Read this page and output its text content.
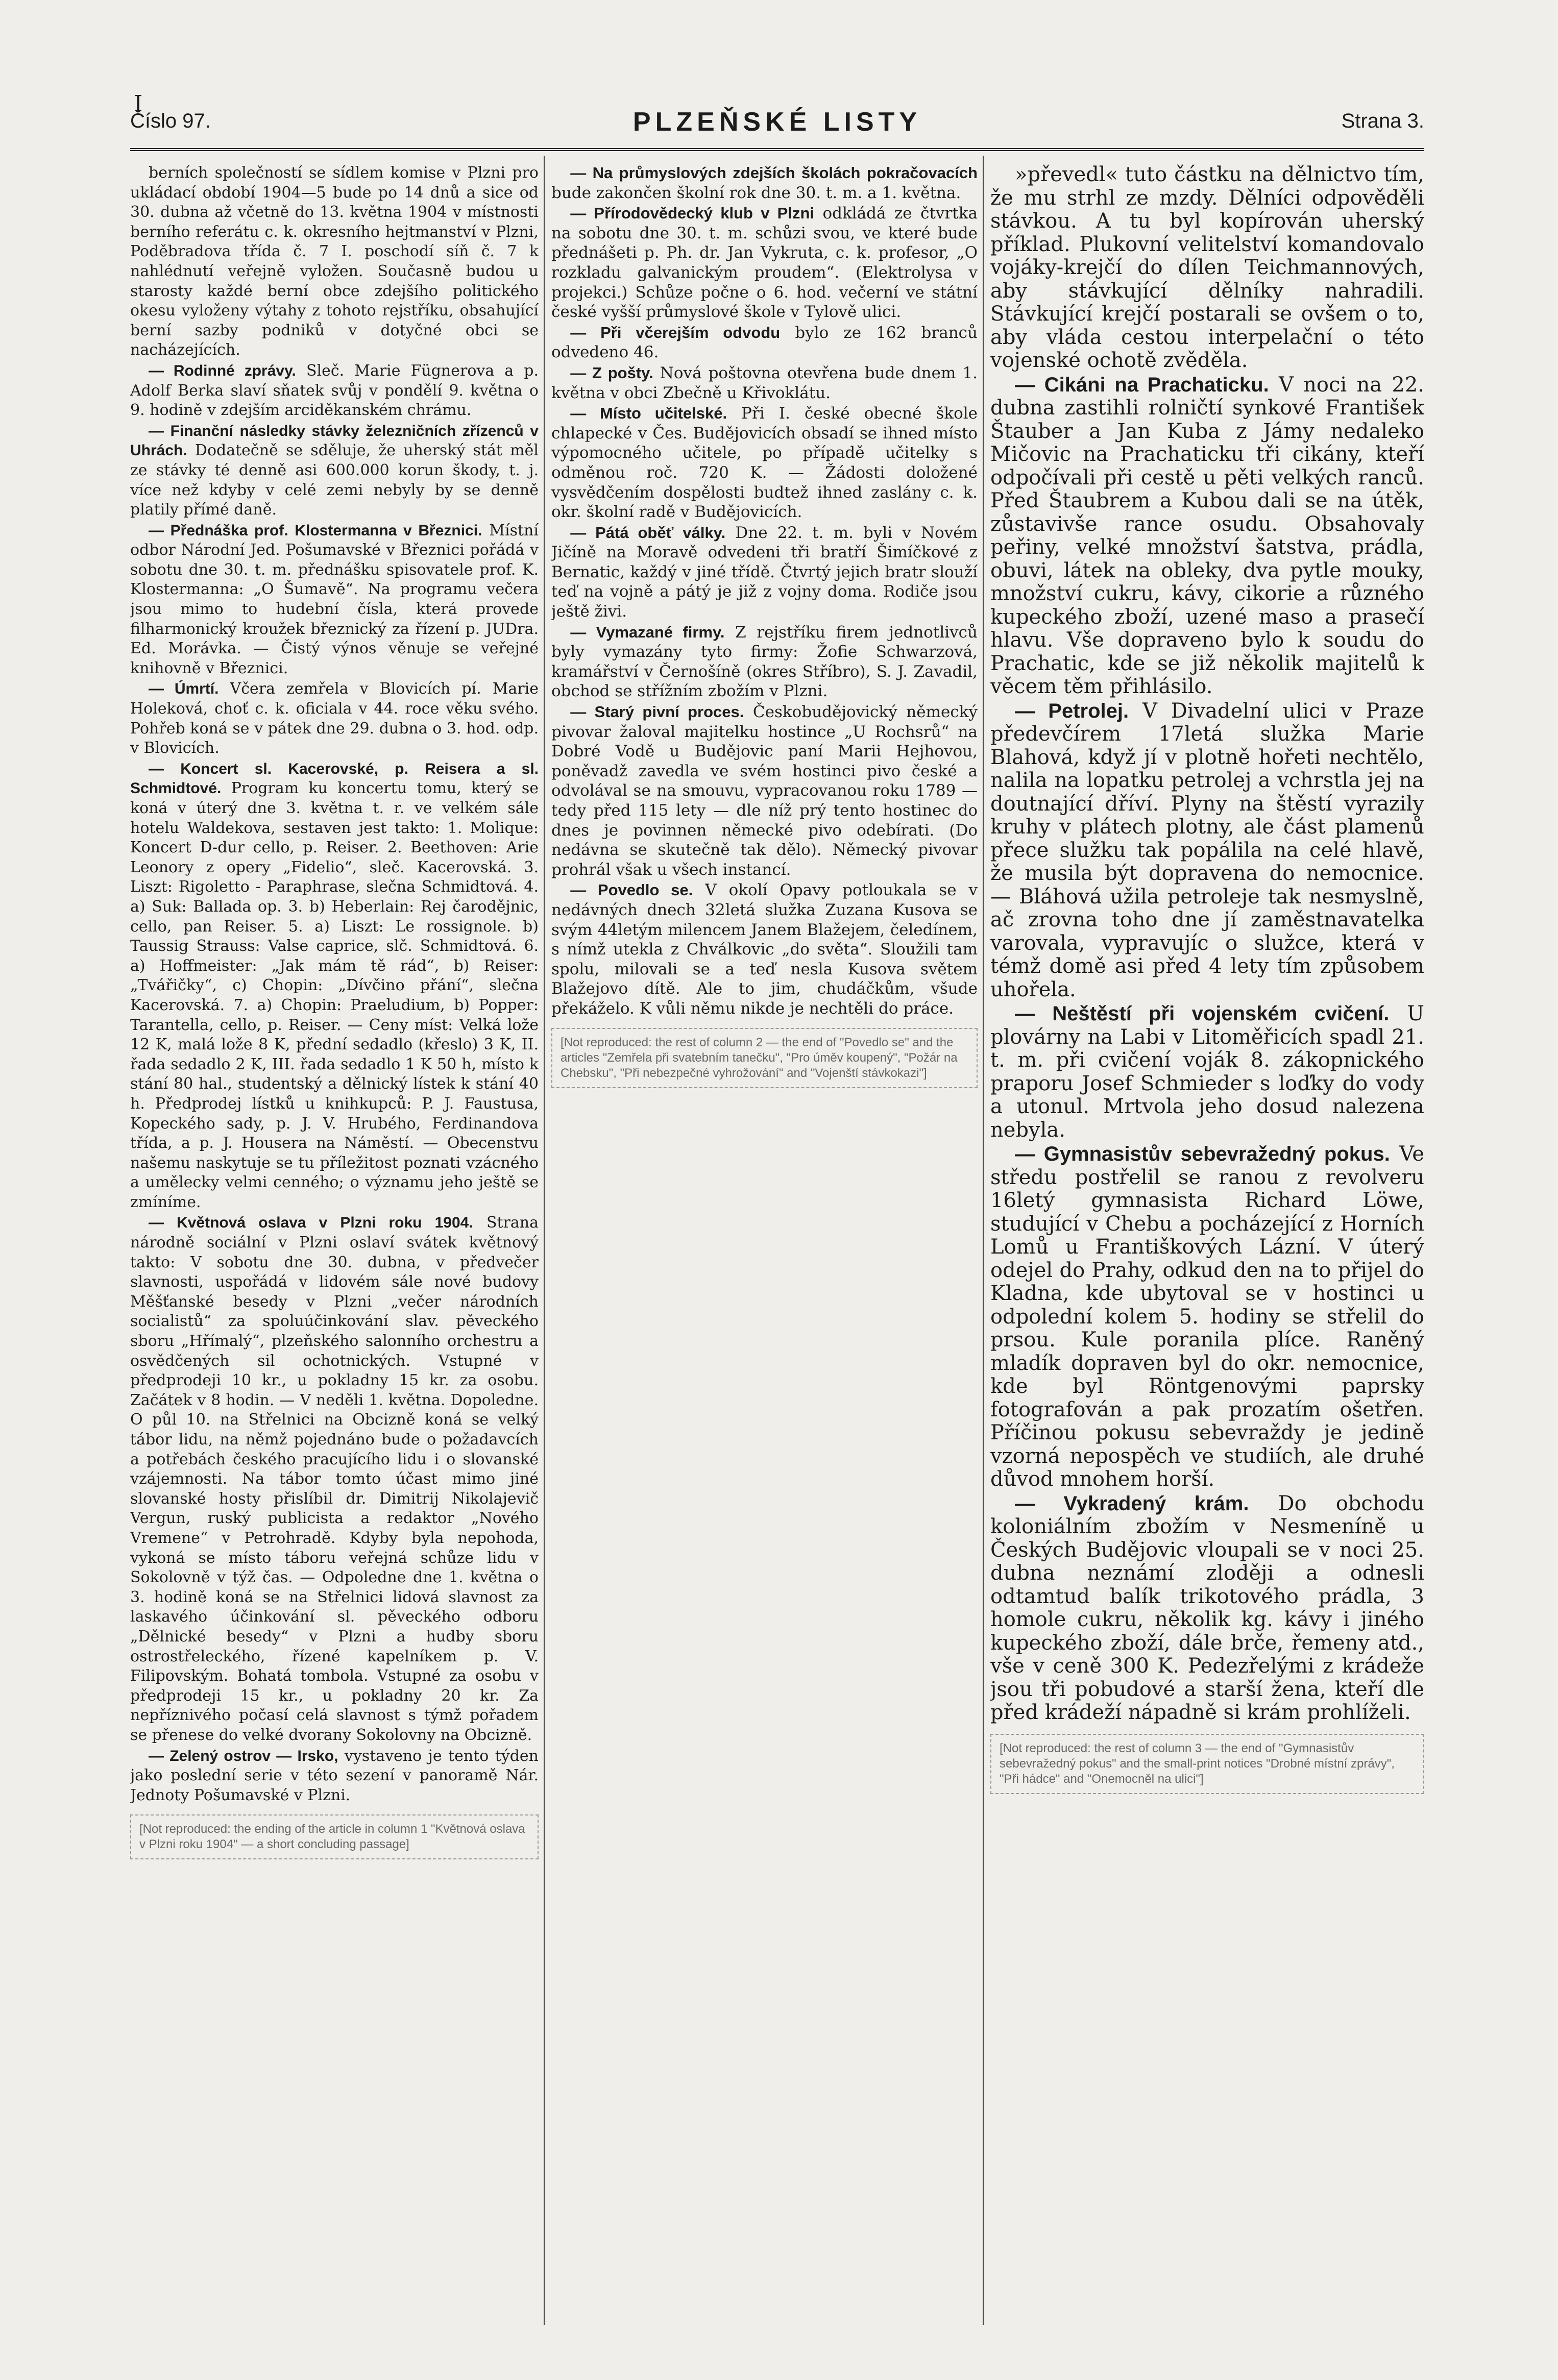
I
Číslo 97.	PLZEŇSKÉ LISTY	Strana 3.

berních společností se sídlem komise v Plzni pro ukládací období 1904—5 bude po 14 dnů a sice od 30. dubna až včetně do 13. května 1904 v místnosti berního referátu c. k. okresního hejtmanství v Plzni, Poděbradova třída č. 7 I. poschodí síň č. 7 k nahlédnutí veřejně vyložen. Současně budou u starosty každé berní obce zdejšího politického okesu vyloženy výtahy z tohoto rejstříku, obsahující berní sazby podniků v dotyčné obci se nacházejících.

— Rodinné zprávy. Sleč. Marie Fügnerova a p. Adolf Berka slaví sňatek svůj v pondělí 9. května o 9. hodině v zdejším arciděkanském chrámu.

— Finanční následky stávky železničních zřízenců v Uhrách. Dodatečně se sděluje, že uherský stát měl ze stávky té denně asi 600.000 korun škody, t. j. více než kdyby v celé zemi nebyly by se denně platily přímé daně.

— Přednáška prof. Klostermanna v Březnici. Místní odbor Národní Jed. Pošumavské v Březnici pořádá v sobotu dne 30. t. m. přednášku spisovatele prof. K. Klostermanna: „O Šumavě“. Na programu večera jsou mimo to hudební čísla, která provede filharmonický kroužek březnický za řízení p. JUDra. Ed. Morávka. — Čistý výnos věnuje se veřejné knihovně v Březnici.

— Úmrtí. Včera zemřela v Blovicích pí. Marie Holeková, choť c. k. oficiala v 44. roce věku svého. Pohřeb koná se v pátek dne 29. dubna o 3. hod. odp. v Blovicích.

— Koncert sl. Kacerovské, p. Reisera a sl. Schmidtové. Program ku koncertu tomu, který se koná v úterý dne 3. května t. r. ve velkém sále hotelu Waldekova, sestaven jest takto: 1. Molique: Koncert D-dur cello, p. Reiser. 2. Beethoven: Arie Leonory z opery „Fidelio“, sleč. Kacerovská. 3. Liszt: Rigoletto - Paraphrase, slečna Schmidtová. 4. a) Suk: Ballada op. 3. b) Heberlain: Rej čarodějnic, cello, pan Reiser. 5. a) Liszt: Le rossignole. b) Taussig Strauss: Valse caprice, slč. Schmidtová. 6. a) Hoffmeister: „Jak mám tě rád“, b) Reiser: „Tvářičky“, c) Chopin: „Dívčino přání“, slečna Kacerovská. 7. a) Chopin: Praeludium, b) Popper: Tarantella, cello, p. Reiser. — Ceny míst: Velká lože 12 K, malá lože 8 K, přední sedadlo (křeslo) 3 K, II. řada sedadlo 2 K, III. řada sedadlo 1 K 50 h, místo k stání 80 hal., studentský a dělnický lístek k stání 40 h. Předprodej lístků u knihkupců: P. J. Faustusa, Kopeckého sady, p. J. V. Hrubého, Ferdinandova třída, a p. J. Housera na Náměstí. — Obecenstvu našemu naskytuje se tu příležitost poznati vzácného a umělecky velmi cenného; o významu jeho ještě se zmíníme.

— Květnová oslava v Plzni roku 1904. Strana národně sociální v Plzni oslaví svátek květnový takto: V sobotu dne 30. dubna, v předvečer slavnosti, uspořádá v lidovém sále nové budovy Měšťanské besedy v Plzni „večer národních socialistů“ za spoluúčinkování slav. pěveckého sboru „Hřímalý“, plzeňského salonního orchestru a osvědčených sil ochotnických. Vstupné v předprodeji 10 kr., u pokladny 15 kr. za osobu. Začátek v 8 hodin. — V neděli 1. května. Dopoledne. O půl 10. na Střelnici na Obcizně koná se velký tábor lidu, na němž pojednáno bude o požadavcích a potřebách českého pracujícího lidu i o slovanské vzájemnosti. Na tábor tomto účast mimo jiné slovanské hosty přislíbil dr. Dimitrij Nikolajevič Vergun, ruský publicista a redaktor „Nového Vremene“ v Petrohradě. Kdyby byla nepohoda, vykoná se místo táboru veřejná schůze lidu v Sokolovně v týž čas. — Odpoledne dne 1. května o 3. hodině koná se na Střelnici lidová slavnost za laskavého účinkování sl. pěveckého odboru „Dělnické besedy“ v Plzni a hudby sboru ostrostřeleckého, řízené kapelníkem p. V. Filipovským. Bohatá tombola. Vstupné za osobu v předprodeji 15 kr., u pokladny 20 kr. Za nepříznivého počasí celá slavnost s týmž pořadem se přenese do velké dvorany Sokolovny na Obcizně.

— Zelený ostrov — Irsko, vystaveno je tento týden jako poslední serie v této sezení v panoramě Nár. Jednoty Pošumavské v Plzni.

[Not reproduced: the ending of the article in column 1 "Květnová oslava v Plzni roku 1904" — a short concluding passage]

— Na průmyslových zdejších školách pokračovacích bude zakončen školní rok dne 30. t. m. a 1. května.

— Přírodovědecký klub v Plzni odkládá ze čtvrtka na sobotu dne 30. t. m. schůzi svou, ve které bude přednášeti p. Ph. dr. Jan Vykruta, c. k. profesor, „O rozkladu galvanickým proudem“. (Elektrolysa v projekci.) Schůze počne o 6. hod. večerní ve státní české vyšší průmyslové škole v Tylově ulici.

— Při včerejším odvodu bylo ze 162 branců odvedeno 46.

— Z pošty. Nová poštovna otevřena bude dnem 1. května v obci Zbečně u Křivoklátu.

— Místo učitelské. Při I. české obecné škole chlapecké v Čes. Budějovicích obsadí se ihned místo výpomocného učitele, po případě učitelky s odměnou roč. 720 K. — Žádosti doložené vysvědčením dospělosti budtež ihned zaslány c. k. okr. školní radě v Budějovicích.

— Pátá oběť války. Dne 22. t. m. byli v Novém Jičíně na Moravě odvedeni tři bratří Šimíčkové z Bernatic, každý v jiné třídě. Čtvrtý jejich bratr slouží teď na vojně a pátý je již z vojny doma. Rodiče jsou ještě živi.

— Vymazané firmy. Z rejstříku firem jednotlivců byly vymazány tyto firmy: Žofie Schwarzová, kramářství v Černošíně (okres Stříbro), S. J. Zavadil, obchod se střížním zbožím v Plzni.

— Starý pivní proces. Českobudějovický německý pivovar žaloval majitelku hostince „U Rochsrů“ na Dobré Vodě u Budějovic paní Marii Hejhovou, poněvadž zavedla ve svém hostinci pivo české a odvolával se na smouvu, vypracovanou roku 1789 — tedy před 115 lety — dle níž prý tento hostinec do dnes je povinnen německé pivo odebírati. (Do nedávna se skutečně tak dělo). Německý pivovar prohrál však u všech instancí.

— Povedlo se. V okolí Opavy potloukala se v nedávných dnech 32letá služka Zuzana Kusova se svým 44letým milencem Janem Blažejem, čeledínem, s nímž utekla z Chválkovic „do světa“. Sloužili tam spolu, milovali se a teď nesla Kusova světem Blažejovo dítě. Ale to jim, chudáčkům, všude překáželo. K vůli němu nikde je nechtěli do práce.

[Not reproduced: the rest of column 2 — the end of "Povedlo se" and the articles "Zemřela při svatebním tanečku", "Pro úměv koupený", "Požár na Chebsku", "Při nebezpečné vyhrožování" and "Vojenští stávkokazi"]

»převedl« tuto částku na dělnictvo tím, že mu strhl ze mzdy. Dělníci odpověděli stávkou. A tu byl kopírován uherský příklad. Plukovní velitelství komandovalo vojáky-krejčí do dílen Teichmannových, aby stávkující dělníky nahradili. Stávkující krejčí postarali se ovšem o to, aby vláda cestou interpelační o této vojenské ochotě zvěděla.

— Cikáni na Prachaticku. V noci na 22. dubna zastihli rolničtí synkové František Štauber a Jan Kuba z Jámy nedaleko Mičovic na Prachaticku tři cikány, kteří odpočívali při cestě u pěti velkých ranců. Před Štaubrem a Kubou dali se na útěk, zůstavivše rance osudu. Obsahovaly peřiny, velké množství šatstva, prádla, obuvi, látek na obleky, dva pytle mouky, množství cukru, kávy, cikorie a různého kupeckého zboží, uzené maso a prasečí hlavu. Vše dopraveno bylo k soudu do Prachatic, kde se již několik majitelů k věcem těm přihlásilo.

— Petrolej. V Divadelní ulici v Praze předevčírem 17letá služka Marie Blahová, když jí v plotně hořeti nechtělo, nalila na lopatku petrolej a vchrstla jej na doutnající dříví. Plyny na štěstí vyrazily kruhy v plátech plotny, ale část plamenů přece služku tak popálila na celé hlavě, že musila být dopravena do nemocnice. — Bláhová užila petroleje tak nesmyslně, ač zrovna toho dne jí zaměstnavatelka varovala, vypravujíc o služce, která v témž domě asi před 4 lety tím způsobem uhořela.

— Neštěstí při vojenském cvičení. U plovárny na Labi v Litoměřicích spadl 21. t. m. při cvičení voják 8. zákopnického praporu Josef Schmieder s loďky do vody a utonul. Mrtvola jeho dosud nalezena nebyla.

— Gymnasistův sebevražedný pokus. Ve středu postřelil se ranou z revolveru 16letý gymnasista Richard Löwe, studující v Chebu a pocházející z Horních Lomů u Františkových Lázní. V úterý odejel do Prahy, odkud den na to přijel do Kladna, kde ubytoval se v hostinci u odpolední kolem 5. hodiny se střelil do prsou. Kule poranila plíce. Raněný mladík dopraven byl do okr. nemocnice, kde byl Röntgenovými paprsky fotografován a pak prozatím ošetřen. Příčinou pokusu sebevraždy je jedině vzorná nepospěch ve studiích, ale druhé důvod mnohem horší.

— Vykradený krám. Do obchodu koloniálním zbožím v Nesmeníně u Českých Budějovic vloupali se v noci 25. dubna neznámí zloději a odnesli odtamtud balík trikotového prádla, 3 homole cukru, několik kg. kávy i jiného kupeckého zboží, dále brče, řemeny atd., vše v ceně 300 K. Pedezřelými z krádeže jsou tři pobudové a starší žena, kteří dle před krádeží nápadně si krám prohlíželi.

[Not reproduced: the rest of column 3 — the end of "Gymnasistův sebevražedný pokus" and the small-print notices "Drobné místní zprávy", "Při hádce" and "Onemocněl na ulici"]
